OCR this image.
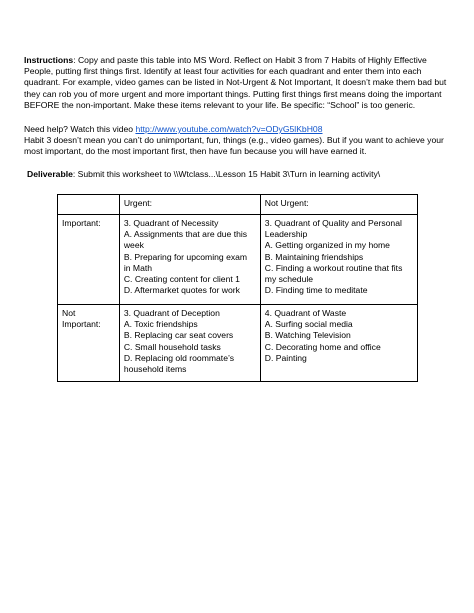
Instructions: Copy and paste this table into MS Word. Reflect on Habit 3 from 7 Habits of Highly Effective People, putting first things first. Identify at least four activities for each quadrant and enter them into each quadrant. For example, video games can be listed in Not-Urgent & Not Important, It doesn’t make them bad but they can rob you of more urgent and more important things. Putting first things first means doing the important BEFORE the non-important. Make these items relevant to your life. Be specific: “School” is too generic.

Need help? Watch this video http://www.youtube.com/watch?v=ODyG5lKbH08
Habit 3 doesn’t mean you can’t do unimportant, fun, things (e.g., video games). But if you want to achieve your most important, do the most important first, then have fun because you will have earned it.

Deliverable: Submit this worksheet to \\Wtclass...\Lesson 15 Habit 3\Turn in learning activity\

	Urgent:	Not Urgent:
Important:	3. Quadrant of Necessity
A. Assignments that are due this week
B. Preparing for upcoming exam in Math
C. Creating content for client 1
D. Aftermarket quotes for work	3. Quadrant of Quality and Personal Leadership
A. Getting organized in my home
B. Maintaining friendships
C. Finding a workout routine that fits my schedule
D. Finding time to meditate

Not Important:	3. Quadrant of Deception
A. Toxic friendships
B. Replacing car seat covers
C. Small household tasks
D. Replacing old roommate’s household items	4. Quadrant of Waste
A. Surfing social media
B. Watching Television
C. Decorating home and office
D. Painting
